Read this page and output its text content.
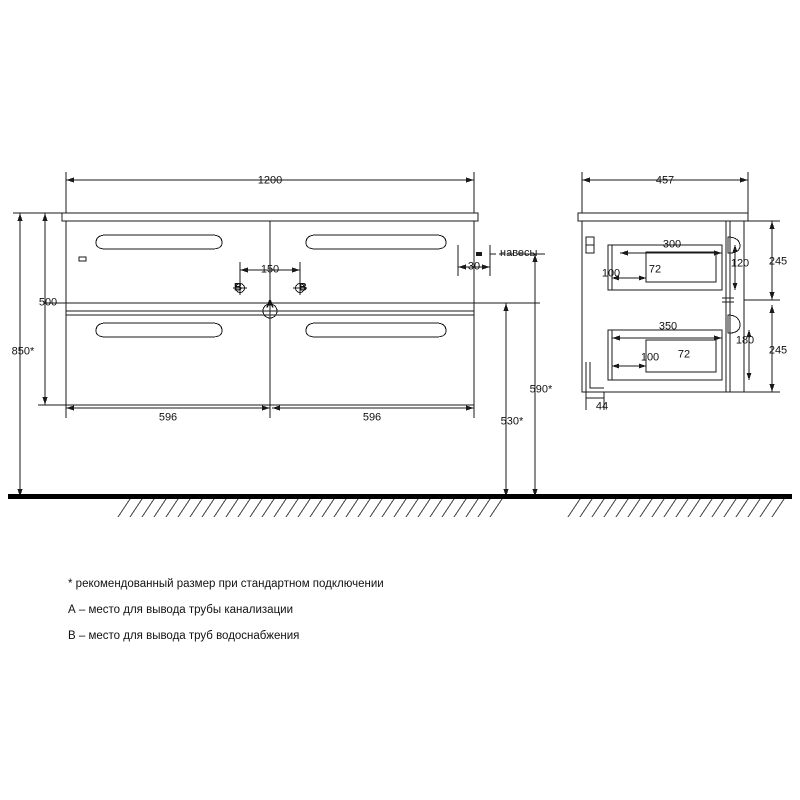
1200
596	596
500
850*
150	30
530*
590*
B	B
A
навесы
457
300
100	72	120 245
350
100 72
180
245
44
* рекомендованный размер при стандартном подключении
А – место для вывода трубы канализации
В – место для вывода труб водоснабжения
